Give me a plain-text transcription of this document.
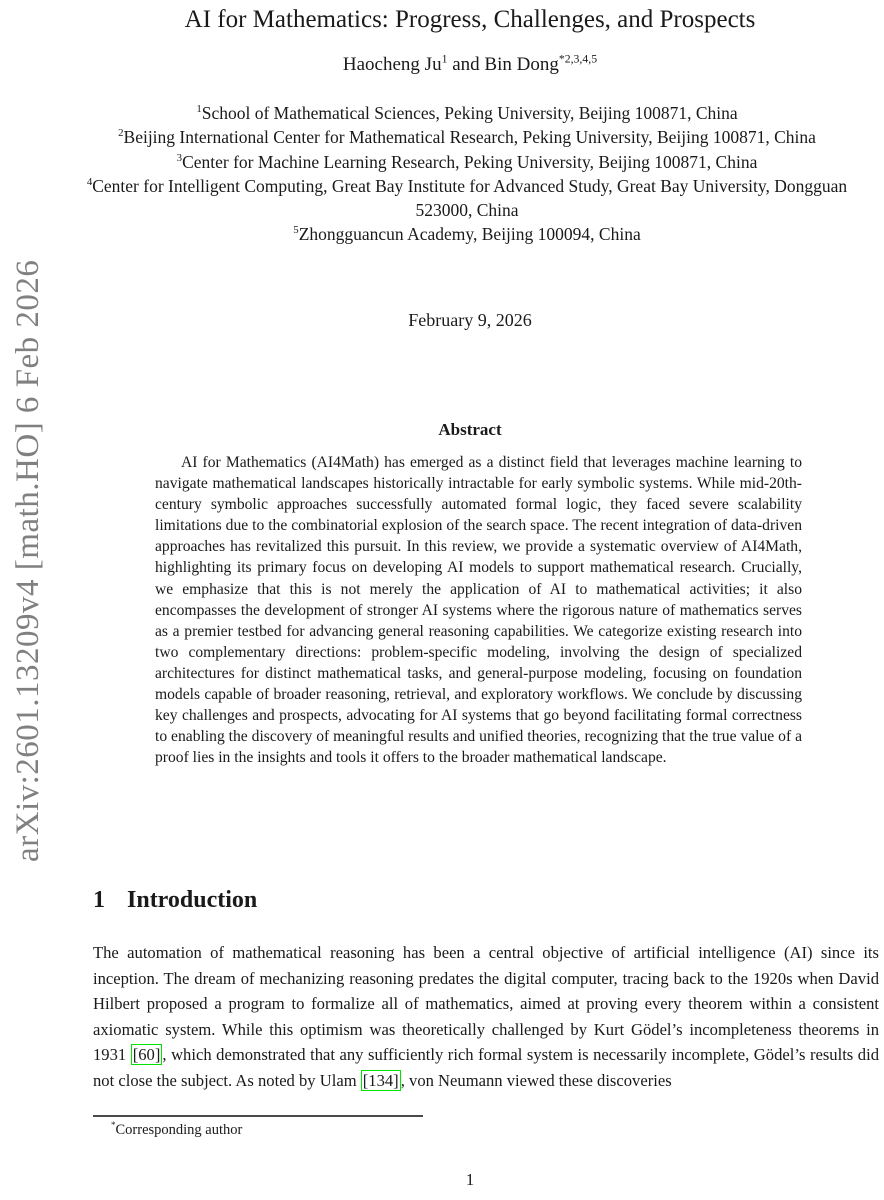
arXiv:2601.13209v4 [math.HO] 6 Feb 2026
AI for Mathematics: Progress, Challenges, and Prospects
Haocheng Ju$^1$ and Bin Dong$^{*2,3,4,5}$
$^1$School of Mathematical Sciences, Peking University, Beijing 100871, China
$^2$Beijing International Center for Mathematical Research, Peking University, Beijing 100871, China
$^3$Center for Machine Learning Research, Peking University, Beijing 100871, China
$^4$Center for Intelligent Computing, Great Bay Institute for Advanced Study, Great Bay University, Dongguan 523000, China
$^5$Zhongguancun Academy, Beijing 100094, China
February 9, 2026
Abstract

AI for Mathematics (AI4Math) has emerged as a distinct field that leverages machine learning to navigate mathematical landscapes historically intractable for early symbolic systems. While mid-20th-century symbolic approaches successfully automated formal logic, they faced severe scalability limitations due to the combinatorial explosion of the search space. The recent integration of data-driven approaches has revitalized this pursuit. In this review, we provide a systematic overview of AI4Math, highlighting its primary focus on developing AI models to support mathematical research. Crucially, we emphasize that this is not merely the application of AI to mathematical activities; it also encompasses the development of stronger AI systems where the rigorous nature of mathematics serves as a premier testbed for advancing general reasoning capabilities. We categorize existing research into two complementary directions: problem-specific modeling, involving the design of specialized architectures for distinct mathematical tasks, and general-purpose modeling, focusing on foundation models capable of broader reasoning, retrieval, and exploratory workflows. We conclude by discussing key challenges and prospects, advocating for AI systems that go beyond facilitating formal correctness to enabling the discovery of meaningful results and unified theories, recognizing that the true value of a proof lies in the insights and tools it offers to the broader mathematical landscape.

1 Introduction

The automation of mathematical reasoning has been a central objective of artificial intelligence (AI) since its inception. The dream of mechanizing reasoning predates the digital computer, tracing back to the 1920s when David Hilbert proposed a program to formalize all of mathematics, aimed at proving every theorem within a consistent axiomatic system. While this optimism was theoretically challenged by Kurt Gödel’s incompleteness theorems in 1931 [60] , which demonstrated that any sufficiently rich formal system is necessarily incomplete, Gödel’s results did not close the subject. As noted by Ulam [134] , von Neumann viewed these discoveries

*Corresponding author
1
